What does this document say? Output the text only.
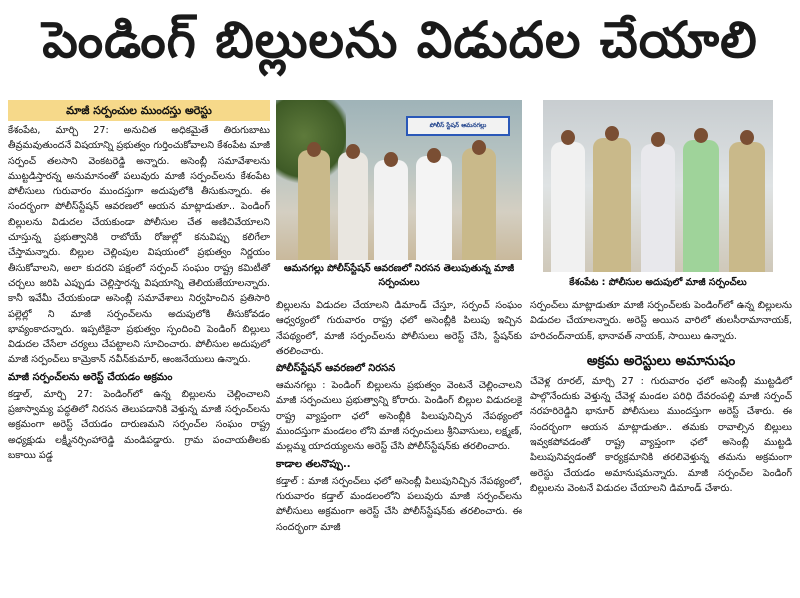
పెండింగ్ బిల్లులను విడుదల చేయాలి
మాజీ సర్పంచుల ముందస్తు అరెస్టు

కేశంపేట, మార్చి 27: అనుచిత అధికమైతే తిరుగుబాటు తీవ్రమవుతుందనే విషయాన్ని ప్రభుత్వం గుర్తించుకోవాలని కేశంపేట మాజీ సర్పంచ్ తలసాని వెంకటరెడ్డి అన్నారు. అసెంబ్లీ సమావేశాలను ముట్టడిస్తారన్న అనుమానంతో పలువురు మాజీ సర్పంచ్‌లను కేశంపేట పోలీసులు గురువారం ముందస్తుగా అదుపులోకి తీసుకున్నారు. ఈ సందర్భంగా పోలీస్‌స్టేషన్ ఆవరణలో ఆయన మాట్లాడుతూ.. పెండింగ్ బిల్లులను విడుదల చేయకుండా పోలీసుల చేత అణిచివేయాలని చూస్తున్న ప్రభుత్వానికి రాబోయే రోజుల్లో కనువిప్పు కలిగేలా చేస్తామన్నారు. బిల్లుల చెల్లింపుల విషయంలో ప్రభుత్వం నిర్ణయం తీసుకోవాలని, అలా కుదరని పక్షంలో సర్పంచ్ సంఘం రాష్ట్ర కమిటీతో చర్చలు జరిపి ఎప్పుడు చెల్లిస్తారన్న విషయాన్ని తెలియజేయాలన్నారు. కానీ ఇవేమీ చేయకుండా అసెంబ్లీ సమావేశాలు నిర్వహించిన ప్రతిసారి పల్లెల్లో ని మాజీ సర్పంచ్‌లను అదుపులోకి తీసుకోవడం భావ్యంకాదన్నారు. ఇప్పటికైనా ప్రభుత్వం స్పందించి పెండింగ్ బిల్లులు విడుదల చేసేలా చర్యలు చేపట్టాలని సూచించారు. పోలీసుల అదుపులో మాజీ సర్పంచ్‌లు కామ్రెకాన్ నవీన్‌కుమార్, ఆంజనేయులు ఉన్నారు.

మాజీ సర్పంచ్‌లను అరెస్ట్ చేయడం అక్రమం

కడ్తాల్, మార్చి 27: పెండింగ్‌లో ఉన్న బిల్లులను చెల్లించాలని ప్రజాస్వామ్య పద్ధతిలో నిరసన తెలుపడానికి వెళ్తున్న మాజీ సర్పంచ్‌లను అక్రమంగా అరెస్ట్ చేయడం దారుణమని సర్పంచ్‌ల సంఘం రాష్ట్ర అధ్యక్షుడు లక్ష్మీనర్సింహారెడ్డి మండిపడ్డారు. గ్రామ పంచాయతీలకు బకాయి పడ్డ

పోలీస్ స్టేషన్ ఆమనగల్లు
ఆమనగల్లు పోలీస్‌స్టేషన్ ఆవరణలో నిరసన తెలుపుతున్న మాజీ సర్పంచులు	కేశంపేట : పోలీసుల అదుపులో మాజీ సర్పంచ్‌లు

బిల్లులను విడుదల చేయాలని డిమాండ్ చేస్తూ, సర్పంచ్ సంఘం ఆధ్వర్యంలో గురువారం రాష్ట్ర ఛలో అసెంబ్లీకి పిలుపు ఇచ్చిన నేపథ్యంలో, మాజీ సర్పంచ్‌లను పోలీసులు అరెస్ట్ చేసి, స్టేషన్‌కు తరలించారు.

పోలీస్‌స్టేషన్ ఆవరణలో నిరసన

ఆమనగల్లు : పెండింగ్ బిల్లులను ప్రభుత్వం వెంటనే చెల్లించాలని మాజీ సర్పంచులు ప్రభుత్వాన్ని కోరారు. పెండింగ్ బిల్లుల విడుదలకై రాష్ట్ర వ్యాప్తంగా ఛలో అసెంబ్లీకి పిలుపునిచ్చిన నేపథ్యంలో ముందస్తుగా మండలం లోని మాజీ సర్పంచులు శ్రీనివాసులు, లక్ష్మణ్, మల్లమ్మ యాదయ్యలను అరెస్ట్ చేసి పోలీస్‌స్టేషన్‌కు తరలించారు.

కాడాల తలనొప్పు..

కడ్తాల్ : మాజీ సర్పంచ్‌లు ఛలో అసెంబ్లీ పిలుపునిచ్చిన నేపథ్యంలో, గురువారం కడ్తాల్ మండలంలోని పలువురు మాజీ సర్పంచ్‌లను పోలీసులు అక్రమంగా అరెస్ట్ చేసి పోలీస్‌స్టేషన్‌కు తరలించారు. ఈ సందర్భంగా మాజీ

సర్పంచ్‌లు మాట్లాడుతూ మాజీ సర్పంచ్‌లకు పెండింగ్‌లో ఉన్న బిల్లులను విడుదల చేయాలన్నారు. అరెస్ట్ అయిన వారిలో తులసీరామానాయక్, హరిచంద్‌నాయక్, భానావత్ నాయక్, సాయిలు ఉన్నారు.

అక్రమ అరెస్టులు అమానుషం

చేవెళ్ల రూరల్, మార్చి 27 : గురువారం ఛలో అసెంబ్లీ ముట్టడిలో పాల్గొనేందుకు వెళ్తున్న చేవెళ్ల మండల పరిధి దేవరంపల్లి మాజీ సర్పంచ్ నరహరిరెడ్డిని భానూర్ పోలీసులు ముందస్తుగా అరెస్ట్ చేశారు. ఈ సందర్భంగా ఆయన మాట్లాడుతూ.. తమకు రావాల్సిన బిల్లులు ఇవ్వకపోవడంతో రాష్ట్ర వ్యాప్తంగా ఛలో అసెంబ్లీ ముట్టడి పిలుపునివ్వడంతో కార్యక్రమానికి తరలివెళ్తున్న తమను అక్రమంగా అరెస్టు చేయడం అమానుషమన్నారు. మాజీ సర్పంచ్‌ల పెండింగ్ బిల్లులను వెంటనే విడుదల చేయాలని డిమాండ్ చేశారు.
